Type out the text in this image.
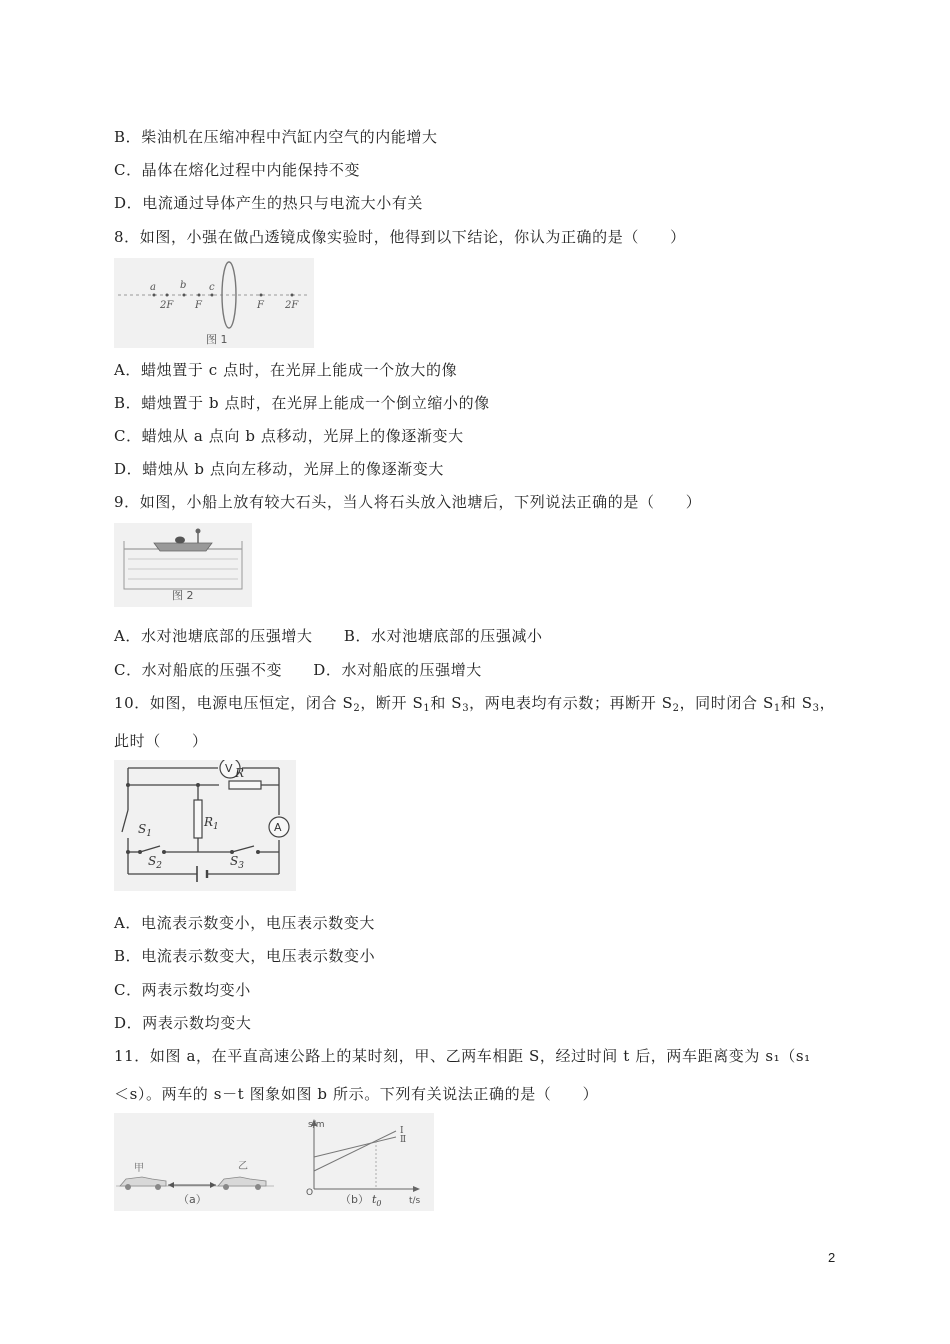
B．柴油机在压缩冲程中汽缸内空气的内能增大
C．晶体在熔化过程中内能保持不变
D．电流通过导体产生的热只与电流大小有关
8．如图，小强在做凸透镜成像实验时，他得到以下结论，你认为正确的是（　　）
a b c
2F F	F 2F
图 1
A．蜡烛置于 c 点时，在光屏上能成一个放大的像
B．蜡烛置于 b 点时，在光屏上能成一个倒立缩小的像
C．蜡烛从 a 点向 b 点移动，光屏上的像逐渐变大
D．蜡烛从 b 点向左移动，光屏上的像逐渐变大
9．如图，小船上放有较大石头，当人将石头放入池塘后，下列说法正确的是（　　）
图 2
A．水对池塘底部的压强增大　　B．水对池塘底部的压强减小
C．水对船底的压强不变　　D．水对船底的压强增大
10．如图，电源电压恒定，闭合 $S_2$，断开 $S_1$和 $S_3$，两电表均有示数；再断开 $S_2$，同时闭合 $S_1$和 $S_3$，
此时（　　）
V
A
R
$R_1$
$S_1$
$S_2$	$S_3$
A．电流表示数变小，电压表示数变大
B．电流表示数变大，电压表示数变小
C．两表示数均变小
D．两表示数均变大
11．如图 a，在平直高速公路上的某时刻，甲、乙两车相距 S，经过时间 t 后，两车距离变为 s₁（s₁
＜s）。两车的 s－t 图象如图 b 所示。下列有关说法正确的是（　　）
甲	乙
（a）
s/m
t/s
O	$t_0$
Ⅰ
Ⅱ
（b）
2
